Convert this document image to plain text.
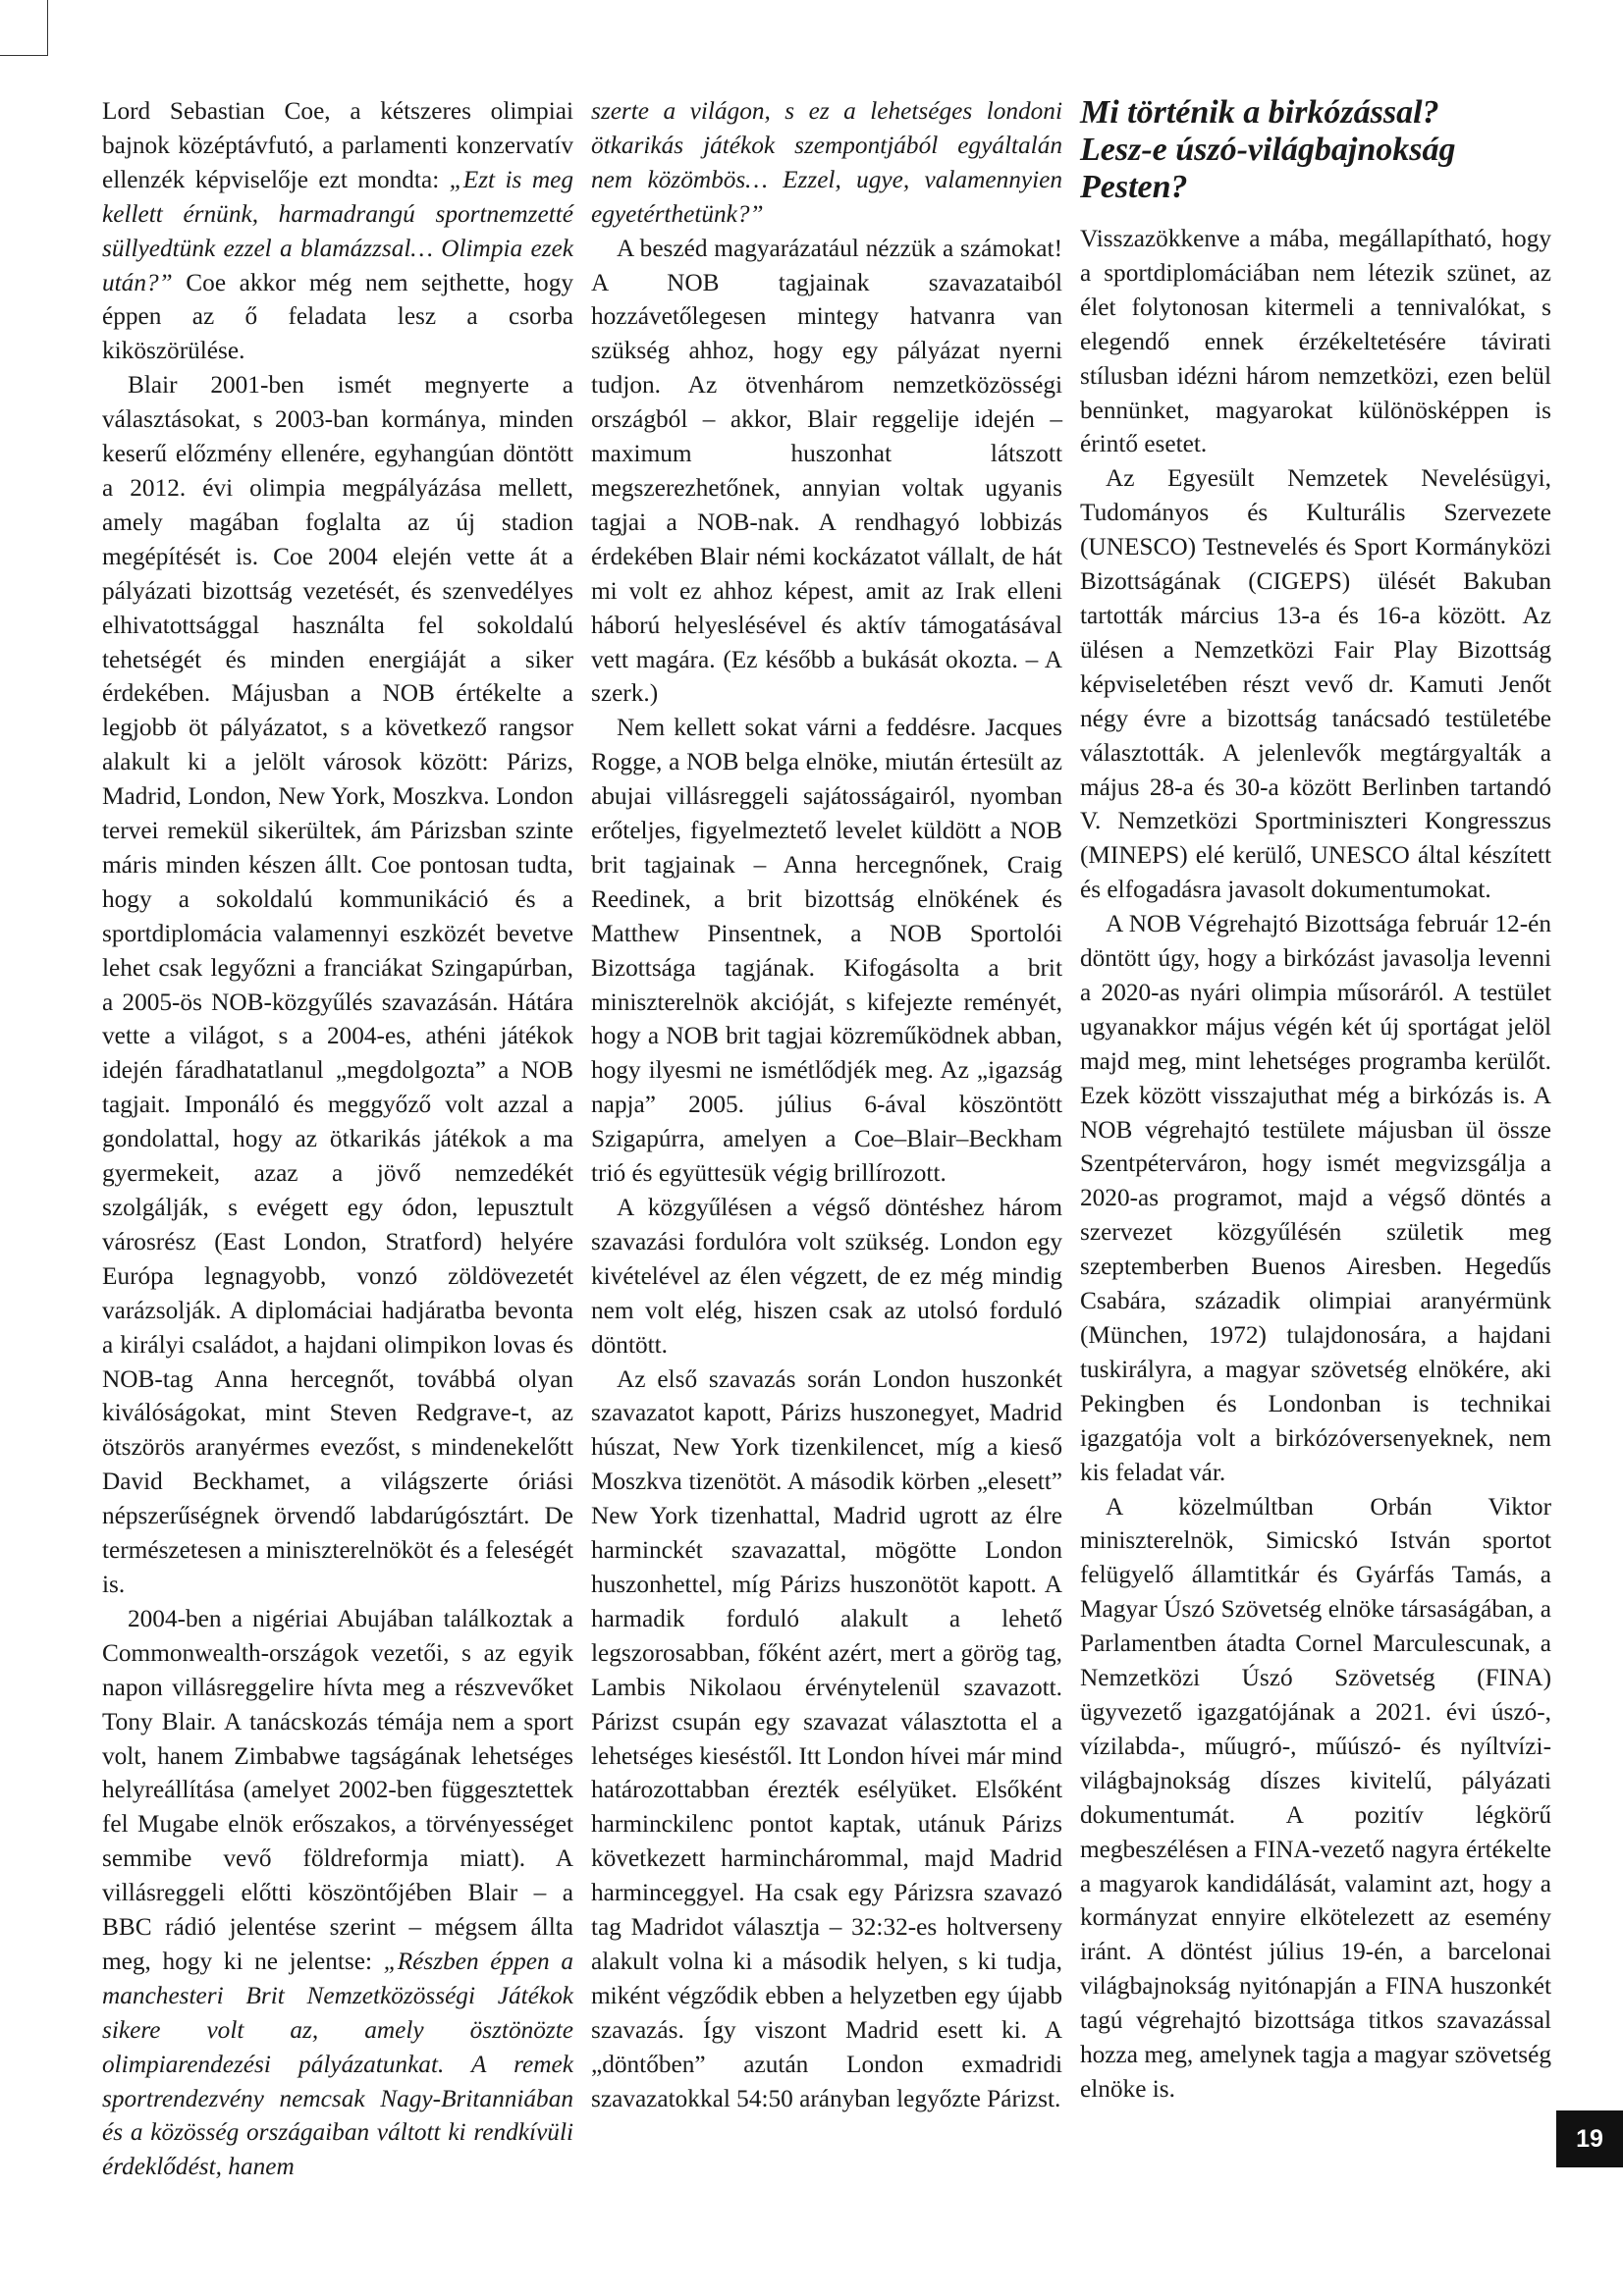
Lord Sebastian Coe, a kétszeres olimpiai bajnok középtávfutó, a parlamenti konzervatív ellenzék képviselője ezt mondta: „Ezt is meg kellett érnünk, harmadrangú sportnemzetté süllyedtünk ezzel a blamázzsal… Olimpia ezek után?” Coe akkor még nem sejthette, hogy éppen az ő feladata lesz a csorba kiköszörülése.

Blair 2001-ben ismét megnyerte a választásokat, s 2003-ban kormánya, minden keserű előzmény ellenére, egyhangúan döntött a 2012. évi olimpia megpályázása mellett, amely magában foglalta az új stadion megépítését is. Coe 2004 elején vette át a pályázati bizottság vezetését, és szenvedélyes elhivatottsággal használta fel sokoldalú tehetségét és minden energiáját a siker érdekében. Májusban a NOB értékelte a legjobb öt pályázatot, s a következő rangsor alakult ki a jelölt városok között: Párizs, Madrid, London, New York, Moszkva. London tervei remekül sikerültek, ám Párizsban szinte máris minden készen állt. Coe pontosan tudta, hogy a sokoldalú kommunikáció és a sportdiplomácia valamennyi eszközét bevetve lehet csak legyőzni a franciákat Szingapúrban, a 2005-ös NOB-közgyűlés szavazásán. Hátára vette a világot, s a 2004-es, athéni játékok idején fáradhatatlanul „megdolgozta” a NOB tagjait. Imponáló és meggyőző volt azzal a gondolattal, hogy az ötkarikás játékok a ma gyermekeit, azaz a jövő nemzedékét szolgálják, s evégett egy ódon, lepusztult városrész (East London, Stratford) helyére Európa legnagyobb, vonzó zöldövezetét varázsolják. A diplomáciai hadjáratba bevonta a királyi családot, a hajdani olimpikon lovas és NOB-tag Anna hercegnőt, továbbá olyan kiválóságokat, mint Steven Redgrave-t, az ötszörös aranyérmes evezőst, s mindenekelőtt David Beckhamet, a világszerte óriási népszerűségnek örvendő labdarúgósztárt. De természetesen a miniszterelnököt és a feleségét is.

2004-ben a nigériai Abujában találkoztak a Commonwealth-országok vezetői, s az egyik napon villásreggelire hívta meg a részvevőket Tony Blair. A tanácskozás témája nem a sport volt, hanem Zimbabwe tagságának lehetséges helyreállítása (amelyet 2002-ben függesztettek fel Mugabe elnök erőszakos, a törvényességet semmibe vevő földreformja miatt). A villásreggeli előtti köszöntőjében Blair – a BBC rádió jelentése szerint – mégsem állta meg, hogy ki ne jelentse: „Részben éppen a manchesteri Brit Nemzetközösségi Játékok sikere volt az, amely ösztönözte olimpiarendezési pályázatunkat. A remek sportrendezvény nemcsak Nagy-Britanniában és a közösség országaiban váltott ki rendkívüli érdeklődést, hanem

szerte a világon, s ez a lehetséges londoni ötkarikás játékok szempontjából egyáltalán nem közömbös… Ezzel, ugye, valamennyien egyetérthetünk?”

A beszéd magyarázatául nézzük a számokat! A NOB tagjainak szavazataiból hozzávetőlegesen mintegy hatvanra van szükség ahhoz, hogy egy pályázat nyerni tudjon. Az ötvenhárom nemzetközösségi országból – akkor, Blair reggelije idején – maximum huszonhat látszott megszerezhetőnek, annyian voltak ugyanis tagjai a NOB-nak. A rendhagyó lobbizás érdekében Blair némi kockázatot vállalt, de hát mi volt ez ahhoz képest, amit az Irak elleni háború helyeslésével és aktív támogatásával vett magára. (Ez később a bukását okozta. – A szerk.)

Nem kellett sokat várni a feddésre. Jacques Rogge, a NOB belga elnöke, miután értesült az abujai villásreggeli sajátosságairól, nyomban erőteljes, figyelmeztető levelet küldött a NOB brit tagjainak – Anna hercegnőnek, Craig Reedinek, a brit bizottság elnökének és Matthew Pinsentnek, a NOB Sportolói Bizottsága tagjának. Kifogásolta a brit miniszterelnök akcióját, s kifejezte reményét, hogy a NOB brit tagjai közreműködnek abban, hogy ilyesmi ne ismétlődjék meg. Az „igazság napja” 2005. július 6-ával köszöntött Szigapúrra, amelyen a Coe–Blair–Beckham trió és együttesük végig brillírozott.

A közgyűlésen a végső döntéshez három szavazási fordulóra volt szükség. London egy kivételével az élen végzett, de ez még mindig nem volt elég, hiszen csak az utolsó forduló döntött.

Az első szavazás során London huszonkét szavazatot kapott, Párizs huszonegyet, Madrid húszat, New York tizenkilencet, míg a kieső Moszkva tizenötöt. A második körben „elesett” New York tizenhattal, Madrid ugrott az élre harminckét szavazattal, mögötte London huszonhettel, míg Párizs huszonötöt kapott. A harmadik forduló alakult a lehető legszorosabban, főként azért, mert a görög tag, Lambis Nikolaou érvénytelenül szavazott. Párizst csupán egy szavazat választotta el a lehetséges kieséstől. Itt London hívei már mind határozottabban érezték esélyüket. Elsőként harminckilenc pontot kaptak, utánuk Párizs következett harminchárommal, majd Madrid harminceggyel. Ha csak egy Párizsra szavazó tag Madridot választja – 32:32-es holtverseny alakult volna ki a második helyen, s ki tudja, miként végződik ebben a helyzetben egy újabb szavazás. Így viszont Madrid esett ki. A „döntőben” azután London exmadridi szavazatokkal 54:50 arányban legyőzte Párizst.

Mi történik a birkózással?
Lesz-e úszó-világbajnokság
Pesten?

Visszazökkenve a mába, megállapítható, hogy a sportdiplomáciában nem létezik szünet, az élet folytonosan kitermeli a tennivalókat, s elegendő ennek érzékeltetésére távirati stílusban idézni három nemzetközi, ezen belül bennünket, magyarokat különösképpen is érintő esetet.

Az Egyesült Nemzetek Nevelésügyi, Tudományos és Kulturális Szervezete (UNESCO) Testnevelés és Sport Kormányközi Bizottságának (CIGEPS) ülését Bakuban tartották március 13-a és 16-a között. Az ülésen a Nemzetközi Fair Play Bizottság képviseletében részt vevő dr. Kamuti Jenőt négy évre a bizottság tanácsadó testületébe választották. A jelenlevők megtárgyalták a május 28-a és 30-a között Berlinben tartandó V. Nemzetközi Sportminiszteri Kongresszus (MINEPS) elé kerülő, UNESCO által készített és elfogadásra javasolt dokumentumokat.

A NOB Végrehajtó Bizottsága február 12-én döntött úgy, hogy a birkózást javasolja levenni a 2020-as nyári olimpia műsoráról. A testület ugyanakkor május végén két új sportágat jelöl majd meg, mint lehetséges programba kerülőt. Ezek között visszajuthat még a birkózás is. A NOB végrehajtó testülete májusban ül össze Szentpéterváron, hogy ismét megvizsgálja a 2020-as programot, majd a végső döntés a szervezet közgyűlésén születik meg szeptemberben Buenos Airesben. Hegedűs Csabára, századik olimpiai aranyérmünk (München, 1972) tulajdonosára, a hajdani tuskirályra, a magyar szövetség elnökére, aki Pekingben és Londonban is technikai igazgatója volt a birkózóversenyeknek, nem kis feladat vár.

A közelmúltban Orbán Viktor miniszterelnök, Simicskó István sportot felügyelő államtitkár és Gyárfás Tamás, a Magyar Úszó Szövetség elnöke társaságában, a Parlamentben átadta Cornel Marculescunak, a Nemzetközi Úszó Szövetség (FINA) ügyvezető igazgatójának a 2021. évi úszó-, vízilabda-, műugró-, műúszó- és nyíltvízi-világbajnokság díszes kivitelű, pályázati dokumentumát. A pozitív légkörű megbeszélésen a FINA-vezető nagyra értékelte a magyarok kandidálását, valamint azt, hogy a kormányzat ennyire elkötelezett az esemény iránt. A döntést július 19-én, a barcelonai világbajnokság nyitónapján a FINA huszonkét tagú végrehajtó bizottsága titkos szavazással hozza meg, amelynek tagja a magyar szövetség elnöke is.

19
